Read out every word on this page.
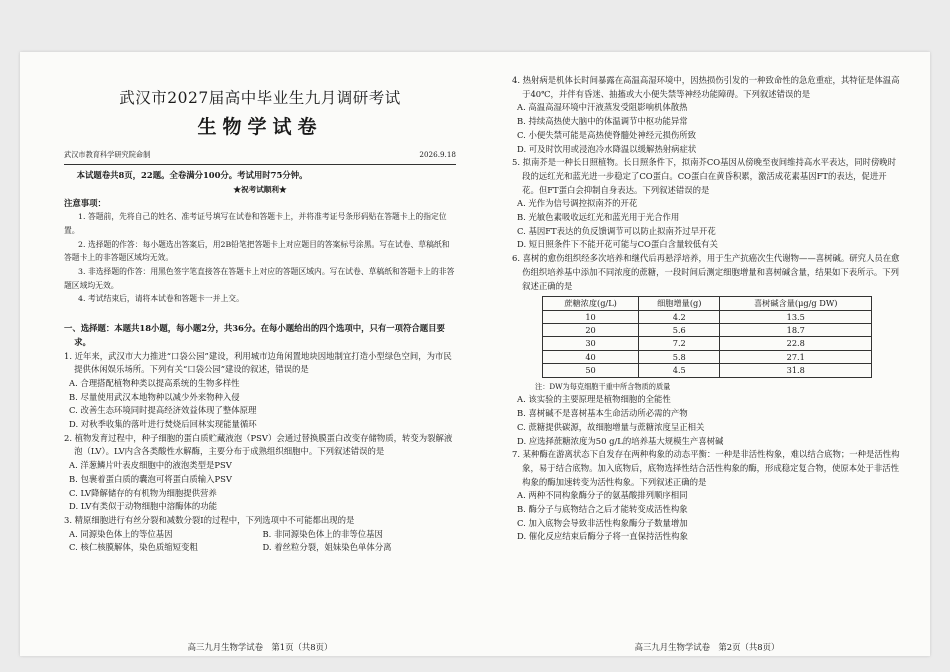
武汉市2027届高中毕业生九月调研考试
生物学试卷
武汉市教育科学研究院命制	2026.9.18
本试题卷共8页，22题。全卷满分100分。考试用时75分钟。
★祝考试顺利★
注意事项：
1. 答题前，先将自己的姓名、准考证号填写在试卷和答题卡上，并将准考证号条形码贴在答题卡上的指定位置。
2. 选择题的作答：每小题选出答案后，用2B铅笔把答题卡上对应题目的答案标号涂黑。写在试卷、草稿纸和答题卡上的非答题区域均无效。
3. 非选择题的作答：用黑色签字笔直接答在答题卡上对应的答题区域内。写在试卷、草稿纸和答题卡上的非答题区域均无效。
4. 考试结束后，请将本试卷和答题卡一并上交。
一、选择题：本题共18小题，每小题2分，共36分。在每小题给出的四个选项中，只有一项符合题目要求。
1. 近年来，武汉市大力推进“口袋公园”建设，利用城市边角闲置地块因地制宜打造小型绿色空间，为市民提供休闲娱乐场所。下列有关“口袋公园”建设的叙述，错误的是
A. 合理搭配植物种类以提高系统的生物多样性
B. 尽量使用武汉本地物种以减少外来物种入侵
C. 改善生态环境同时提高经济效益体现了整体原理
D. 对秋季收集的落叶进行焚烧后回林实现能量循环
2. 植物发育过程中，种子细胞的蛋白质贮藏液泡（PSV）会通过替换膜蛋白改变存储物质，转变为裂解液泡（LV）。LV内含各类酸性水解酶，主要分布于成熟组织细胞中。下列叙述错误的是
A. 洋葱鳞片叶表皮细胞中的液泡类型是PSV
B. 包裹着蛋白质的囊泡可将蛋白质输入PSV
C. LV降解储存的有机物为细胞提供营养
D. LV有类似于动物细胞中溶酶体的功能
3. 精原细胞进行有丝分裂和减数分裂Ⅰ的过程中，下列选项中不可能都出现的是
A. 同源染色体上的等位基因	B. 非同源染色体上的非等位基因
C. 核仁核膜解体，染色质缩短变粗	D. 着丝粒分裂，姐妹染色单体分离
高三九月生物学试卷　第1页（共8页）
4. 热射病是机体长时间暴露在高温高湿环境中，因热损伤引发的一种致命性的急危重症，其特征是体温高于40℃，并伴有昏迷、抽搐或大小便失禁等神经功能障碍。下列叙述错误的是
A. 高温高湿环境中汗液蒸发受阻影响机体散热
B. 持续高热使大脑中的体温调节中枢功能异常
C. 小便失禁可能是高热使脊髓处神经元损伤所致
D. 可及时饮用或浸泡冷水降温以缓解热射病症状
5. 拟南芥是一种长日照植物。长日照条件下，拟南芥CO基因从傍晚至夜间维持高水平表达，同时傍晚时段的远红光和蓝光进一步稳定了CO蛋白。CO蛋白在黄昏积累，激活成花素基因FT的表达，促进开花。但FT蛋白会抑制自身表达。下列叙述错误的是
A. 光作为信号调控拟南芥的开花
B. 光敏色素吸收远红光和蓝光用于光合作用
C. 基因FT表达的负反馈调节可以防止拟南芥过早开花
D. 短日照条件下不能开花可能与CO蛋白含量较低有关
6. 喜树的愈伤组织经多次培养和继代后再悬浮培养，用于生产抗癌次生代谢物——喜树碱。研究人员在愈伤组织培养基中添加不同浓度的蔗糖，一段时间后测定细胞增量和喜树碱含量，结果如下表所示。下列叙述正确的是
蔗糖浓度(g/L)	细胞增量(g)	喜树碱含量(μg/g DW)
10	4.2	13.5
20	5.6	18.7
30	7.2	22.8
40	5.8	27.1
50	4.5	31.8
注：DW为每克细胞干重中所含物质的质量
A. 该实验的主要原理是植物细胞的全能性
B. 喜树碱不是喜树基本生命活动所必需的产物
C. 蔗糖提供碳源，故细胞增量与蔗糖浓度呈正相关
D. 应选择蔗糖浓度为50 g/L的培养基大规模生产喜树碱
7. 某种酶在游离状态下自发存在两种构象的动态平衡：一种是非活性构象，难以结合底物；一种是活性构象，易于结合底物。加入底物后，底物选择性结合活性构象的酶，形成稳定复合物，使原本处于非活性构象的酶加速转变为活性构象。下列叙述正确的是
A. 两种不同构象酶分子的氨基酸排列顺序相同
B. 酶分子与底物结合之后才能转变成活性构象
C. 加入底物会导致非活性构象酶分子数量增加
D. 催化反应结束后酶分子将一直保持活性构象
高三九月生物学试卷　第2页（共8页）
